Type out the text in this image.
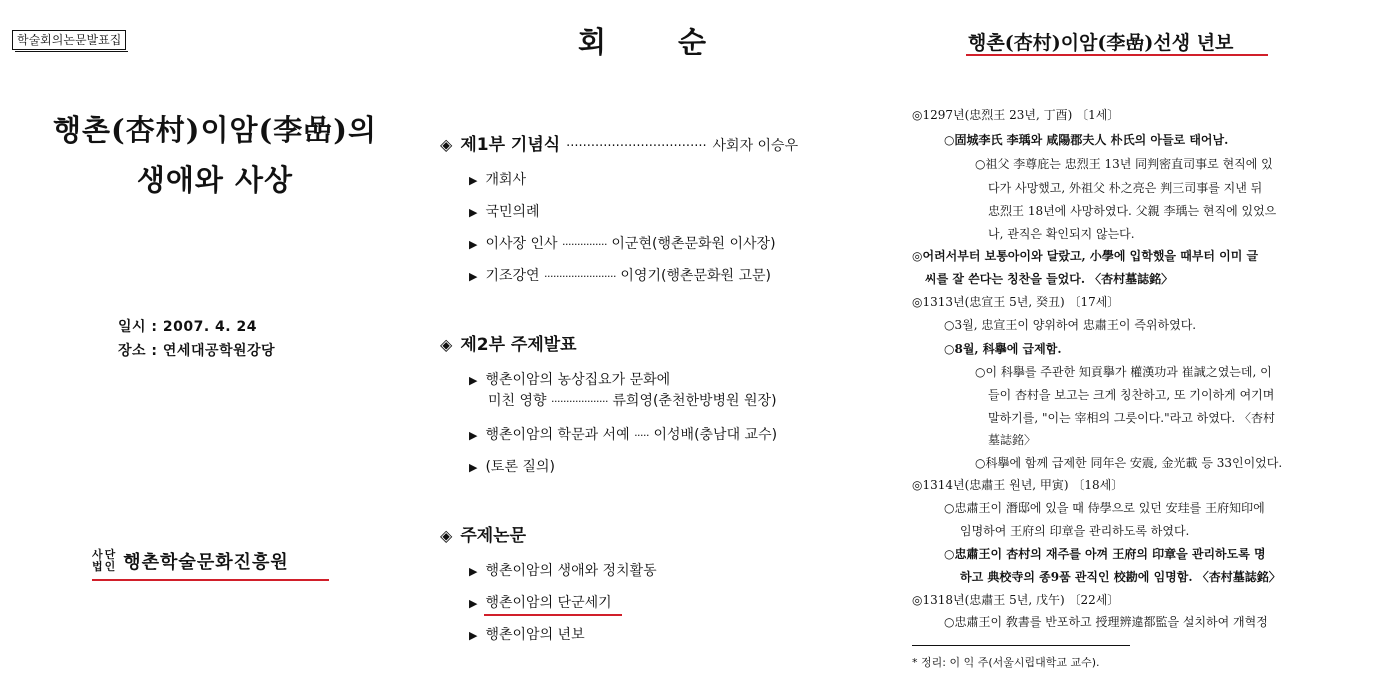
학술회의논문발표집
행촌(杏村)이암(李嵒)의
생애와 사상
일시 : 2007. 4. 24
장소 : 연세대공학원강당
사단
법인 행촌학술문화진흥원
회 순
◈ 제1부 기념식 ·································· 사회자 이승우
▶ 개회사
▶ 국민의례
▶ 이사장 인사 ··············· 이군현(행촌문화원 이사장)
▶ 기조강연 ························ 이영기(행촌문화원 고문)
◈ 제2부 주제발표
▶ 행촌이암의 농상집요가 문화에
미친 영향 ··················· 류희영(춘천한방병원 원장)
▶ 행촌이암의 학문과 서예 ····· 이성배(충남대 교수)
▶ (토론 질의)
◈ 주제논문
▶ 행촌이암의 생애와 정치활동
▶ 행촌이암의 단군세기
▶ 행촌이암의 년보
행촌(杏村)이암(李嵒)선생 년보
◎1297년(忠烈王 23년, 丁酉) 〔1세〕
○固城李氏 李瑀와 咸陽郡夫人 朴氏의 아들로 태어남.
○祖父 李尊庇는 忠烈王 13년 同判密直司事로 현직에 있
다가 사망했고, 外祖父 朴之亮은 判三司事를 지낸 뒤
忠烈王 18년에 사망하였다. 父親 李瑀는 현직에 있었으
나, 관직은 확인되지 않는다.
◎어려서부터 보통아이와 달랐고, 小學에 입학했을 때부터 이미 글
씨를 잘 쓴다는 칭찬을 들었다. 〈杏村墓誌銘〉
◎1313년(忠宣王 5년, 癸丑) 〔17세〕
○3월, 忠宣王이 양위하여 忠肅王이 즉위하였다.
○8월, 科擧에 급제함.
○이 科擧를 주관한 知貢擧가 權漢功과 崔誠之였는데, 이
들이 杏村을 보고는 크게 칭찬하고, 또 기이하게 여기며
말하기를, "이는 宰相의 그릇이다."라고 하였다. 〈杏村
墓誌銘〉
○科擧에 함께 급제한 同年은 安震, 金光載 등 33인이었다.
◎1314년(忠肅王 원년, 甲寅) 〔18세〕
○忠肅王이 潛邸에 있을 때 侍學으로 있던 安珪를 王府知印에
임명하여 王府의 印章을 관리하도록 하였다.
○忠肅王이 杏村의 재주를 아껴 王府의 印章을 관리하도록 명
하고 典校寺의 종9품 관직인 校勘에 임명함. 〈杏村墓誌銘〉
◎1318년(忠肅王 5년, 戊午) 〔22세〕
○忠肅王이 敎書를 반포하고 授理辨違都監을 설치하여 개혁정
* 정리: 이 익 주(서울시립대학교 교수).
